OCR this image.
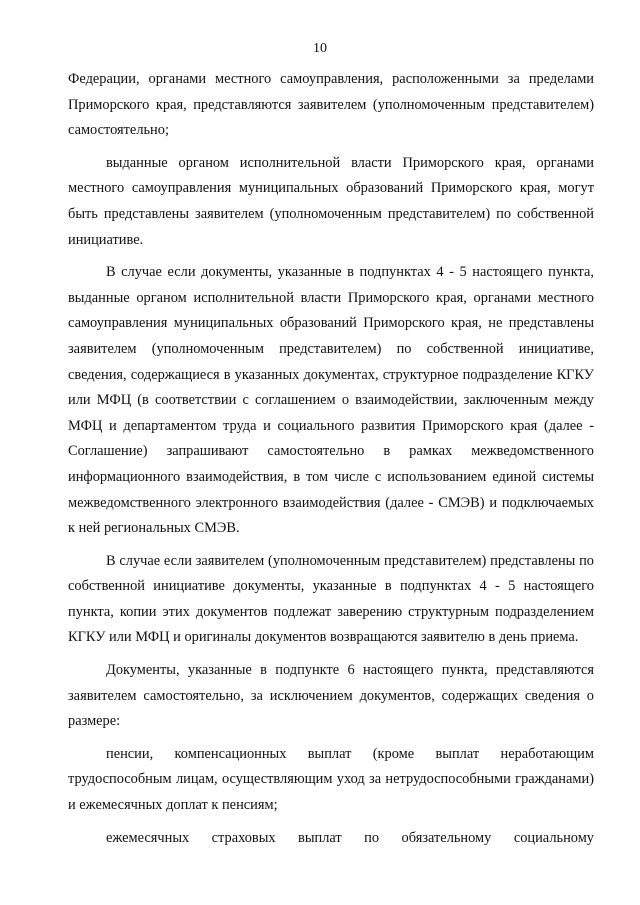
10

Федерации, органами местного самоуправления, расположенными за пределами Приморского края, представляются заявителем (уполномоченным представителем) самостоятельно;

выданные органом исполнительной власти Приморского края, органами местного самоуправления муниципальных образований Приморского края, могут быть представлены заявителем (уполномоченным представителем) по собственной инициативе.

В случае если документы, указанные в подпунктах 4 - 5 настоящего пункта, выданные органом исполнительной власти Приморского края, органами местного самоуправления муниципальных образований Приморского края, не представлены заявителем (уполномоченным представителем) по собственной инициативе, сведения, содержащиеся в указанных документах, структурное подразделение КГКУ или МФЦ (в соответствии с соглашением о взаимодействии, заключенным между МФЦ и департаментом труда и социального развития Приморского края (далее - Соглашение) запрашивают самостоятельно в рамках межведомственного информационного взаимодействия, в том числе с использованием единой системы межведомственного электронного взаимодействия (далее - СМЭВ) и подключаемых к ней региональных СМЭВ.

В случае если заявителем (уполномоченным представителем) представлены по собственной инициативе документы, указанные в подпунктах 4 - 5 настоящего пункта, копии этих документов подлежат заверению структурным подразделением КГКУ или МФЦ и оригиналы документов возвращаются заявителю в день приема.

Документы, указанные в подпункте 6 настоящего пункта, представляются заявителем самостоятельно, за исключением документов, содержащих сведения о размере:

пенсии, компенсационных выплат (кроме выплат неработающим трудоспособным лицам, осуществляющим уход за нетрудоспособными гражданами) и ежемесячных доплат к пенсиям;

ежемесячных страховых выплат по обязательному социальному
